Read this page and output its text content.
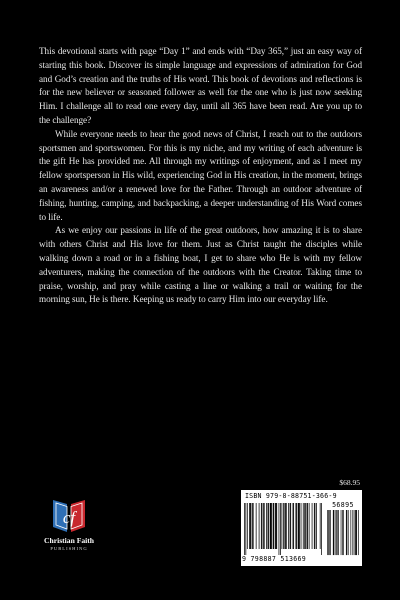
This devotional starts with page “Day 1” and ends with “Day 365,” just an easy way of starting this book. Discover its simple language and expressions of admiration for God and God’s creation and the truths of His word. This book of devotions and reflections is for the new believer or seasoned follower as well for the one who is just now seeking Him. I challenge all to read one every day, until all 365 have been read. Are you up to the challenge?

While everyone needs to hear the good news of Christ, I reach out to the outdoors sportsmen and sportswomen. For this is my niche, and my writing of each adventure is the gift He has provided me. All through my writings of enjoyment, and as I meet my fellow sportsperson in His wild, experiencing God in His creation, in the moment, brings an awareness and/or a renewed love for the Father. Through an outdoor adventure of fishing, hunting, camping, and backpacking, a deeper understanding of His Word comes to life.

As we enjoy our passions in life of the great outdoors, how amazing it is to share with others Christ and His love for them. Just as Christ taught the disciples while walking down a road or in a fishing boat, I get to share who He is with my fellow adventurers, making the connection of the outdoors with the Creator. Taking time to praise, worship, and pray while casting a line or walking a trail or waiting for the morning sun, He is there. Keeping us ready to carry Him into our everyday life.

cf
Christian Faith
PUBLISHING
$68.95
ISBN 979-8-88751-366-9
9 798887 513669
56895
